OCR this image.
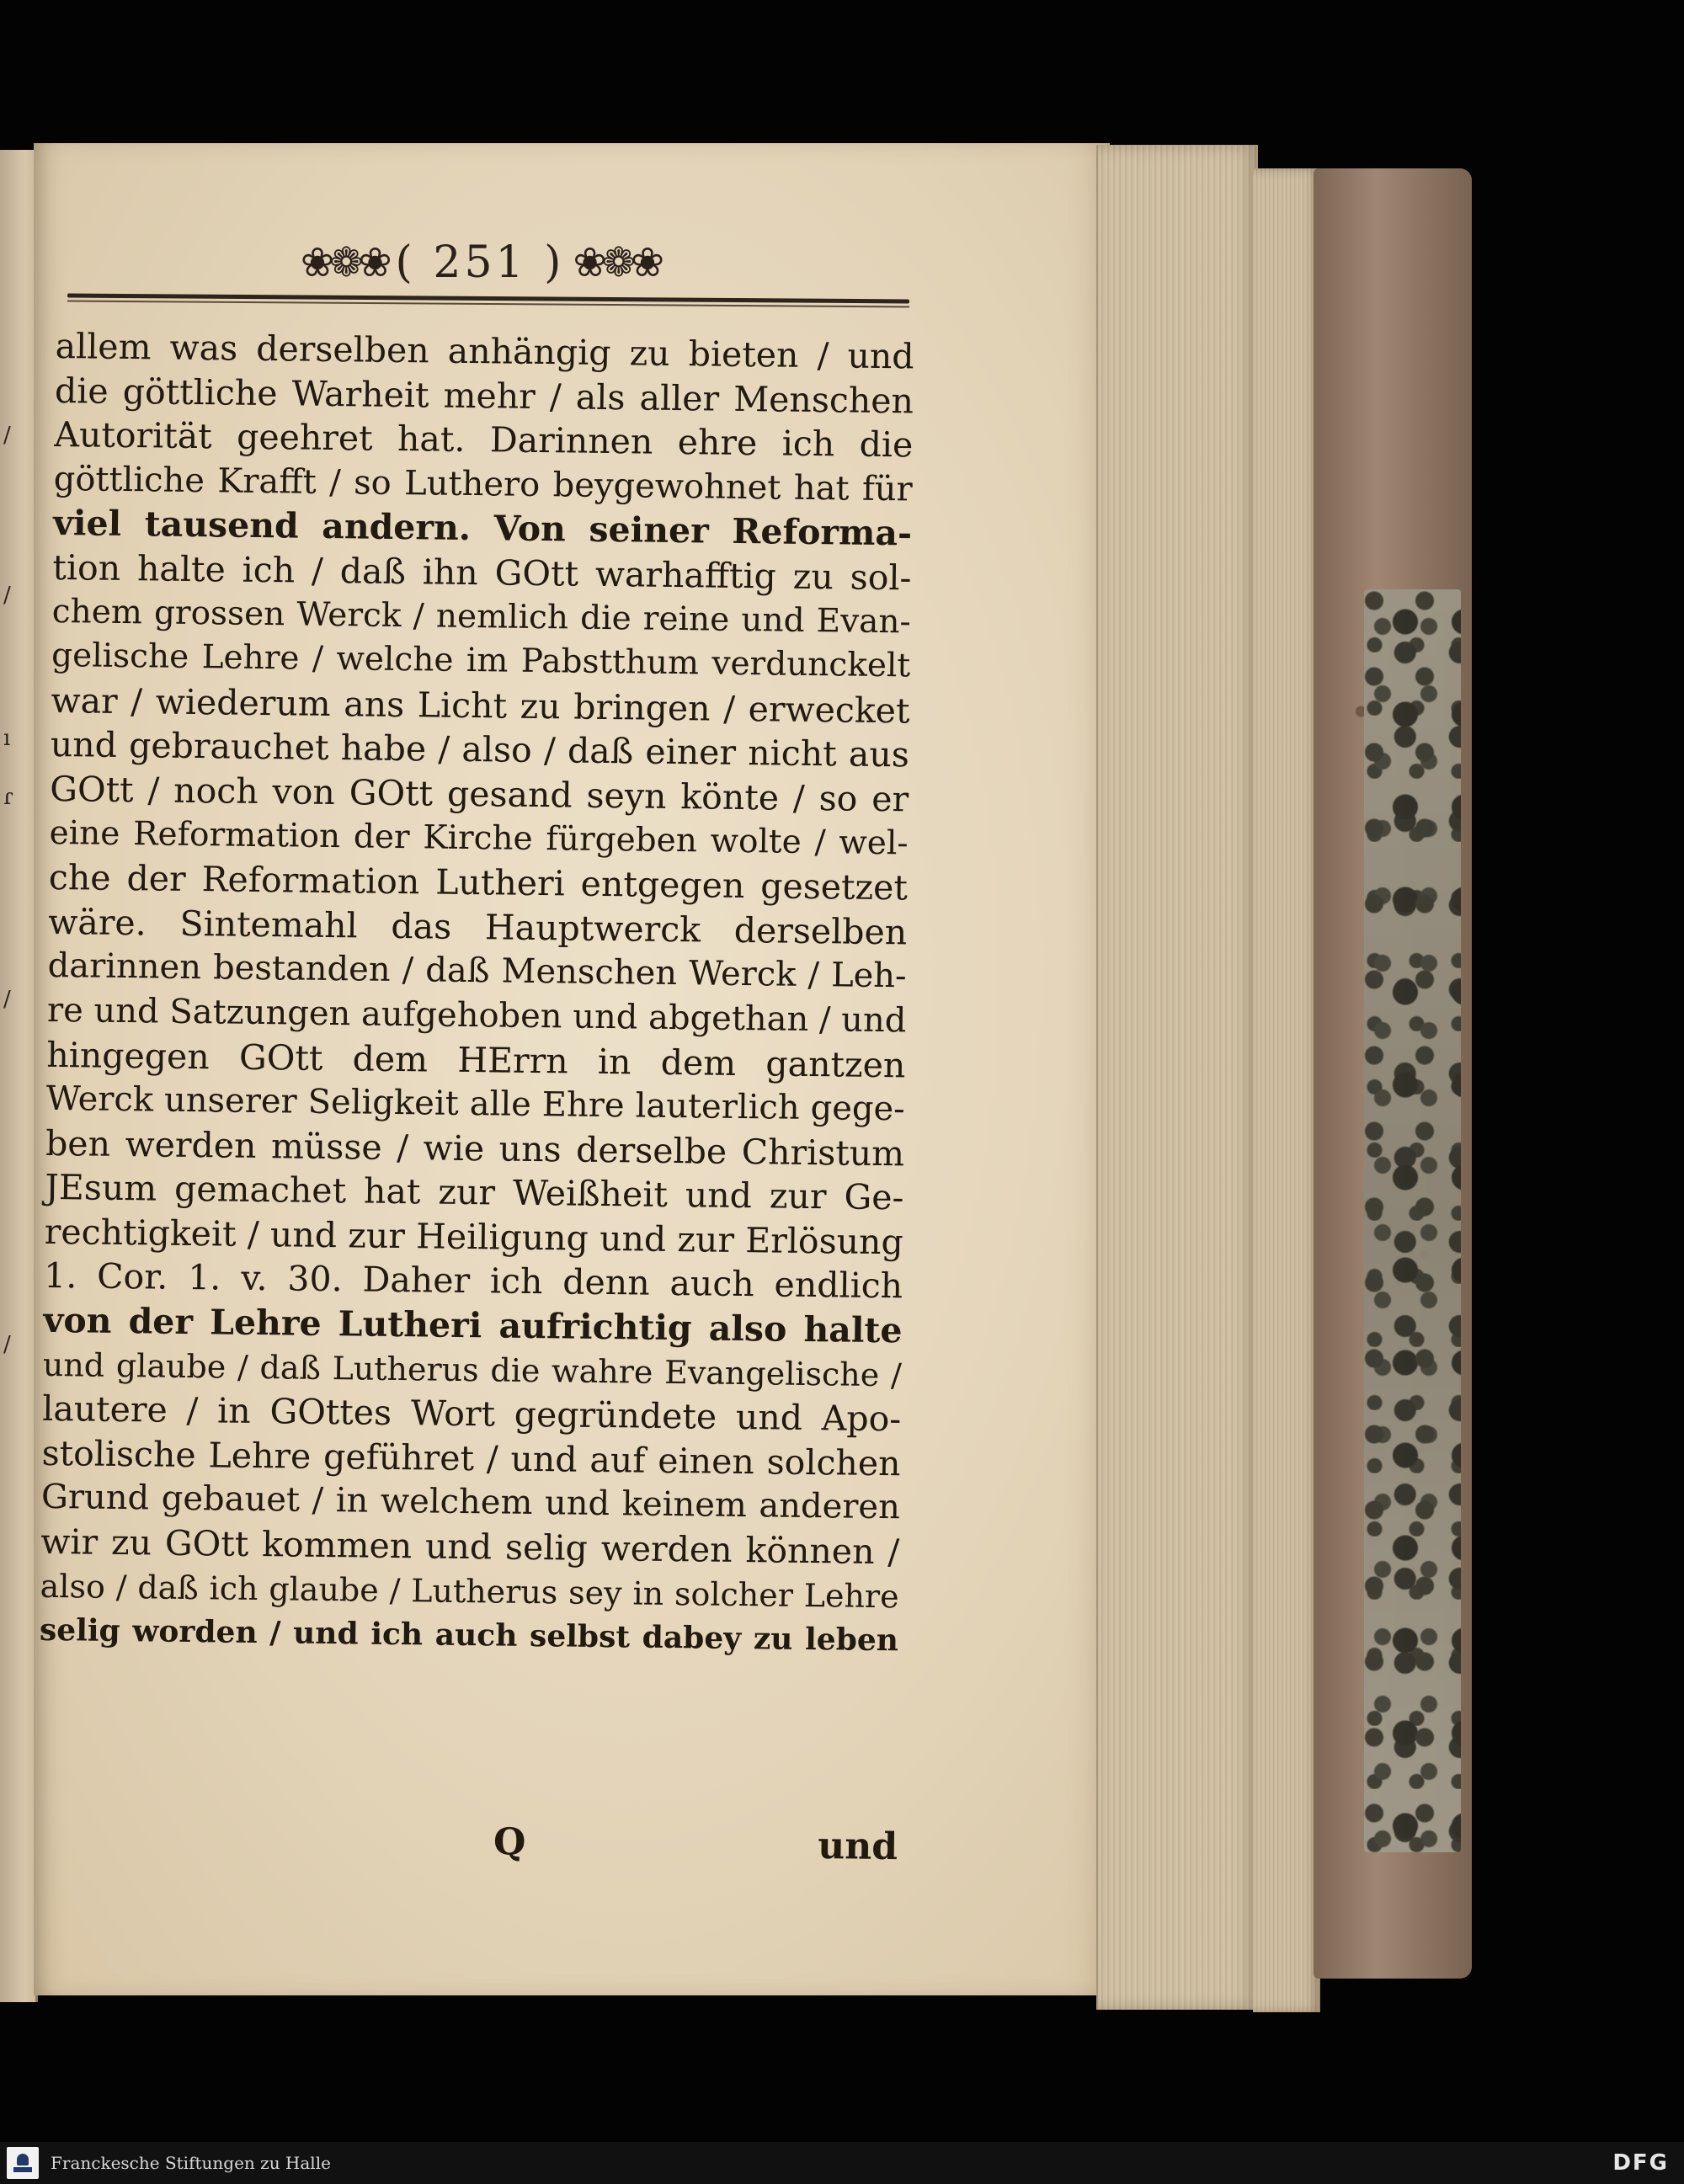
/
/
ı
ɾ
/
/
❀❁❀ ( 251 ) ❀❁❀
allem was derselben anhängig zu bieten / und
die göttliche Warheit mehr / als aller Menschen
Autorität geehret hat. Darinnen ehre ich die
göttliche Krafft / so Luthero beygewohnet hat für
viel tausend andern. Von seiner Reforma-
tion halte ich / daß ihn GOtt warhafftig zu sol-
chem grossen Werck / nemlich die reine und Evan-
gelische Lehre / welche im Pabstthum verdunckelt
war / wiederum ans Licht zu bringen / erwecket
und gebrauchet habe / also / daß einer nicht aus
GOtt / noch von GOtt gesand seyn könte / so er
eine Reformation der Kirche fürgeben wolte / wel-
che der Reformation Lutheri entgegen gesetzet
wäre. Sintemahl das Hauptwerck derselben
darinnen bestanden / daß Menschen Werck / Leh-
re und Satzungen aufgehoben und abgethan / und
hingegen GOtt dem HErrn in dem gantzen
Werck unserer Seligkeit alle Ehre lauterlich gege-
ben werden müsse / wie uns derselbe Christum
JEsum gemachet hat zur Weißheit und zur Ge-
rechtigkeit / und zur Heiligung und zur Erlösung
1. Cor. 1. v. 30. Daher ich denn auch endlich
von der Lehre Lutheri aufrichtig also halte
und glaube / daß Lutherus die wahre Evangelische /
lautere / in GOttes Wort gegründete und Apo-
stolische Lehre geführet / und auf einen solchen
Grund gebauet / in welchem und keinem anderen
wir zu GOtt kommen und selig werden können /
also / daß ich glaube / Lutherus sey in solcher Lehre
selig worden / und ich auch selbst dabey zu leben
Q	und
Franckesche Stiftungen zu Halle	DFG
